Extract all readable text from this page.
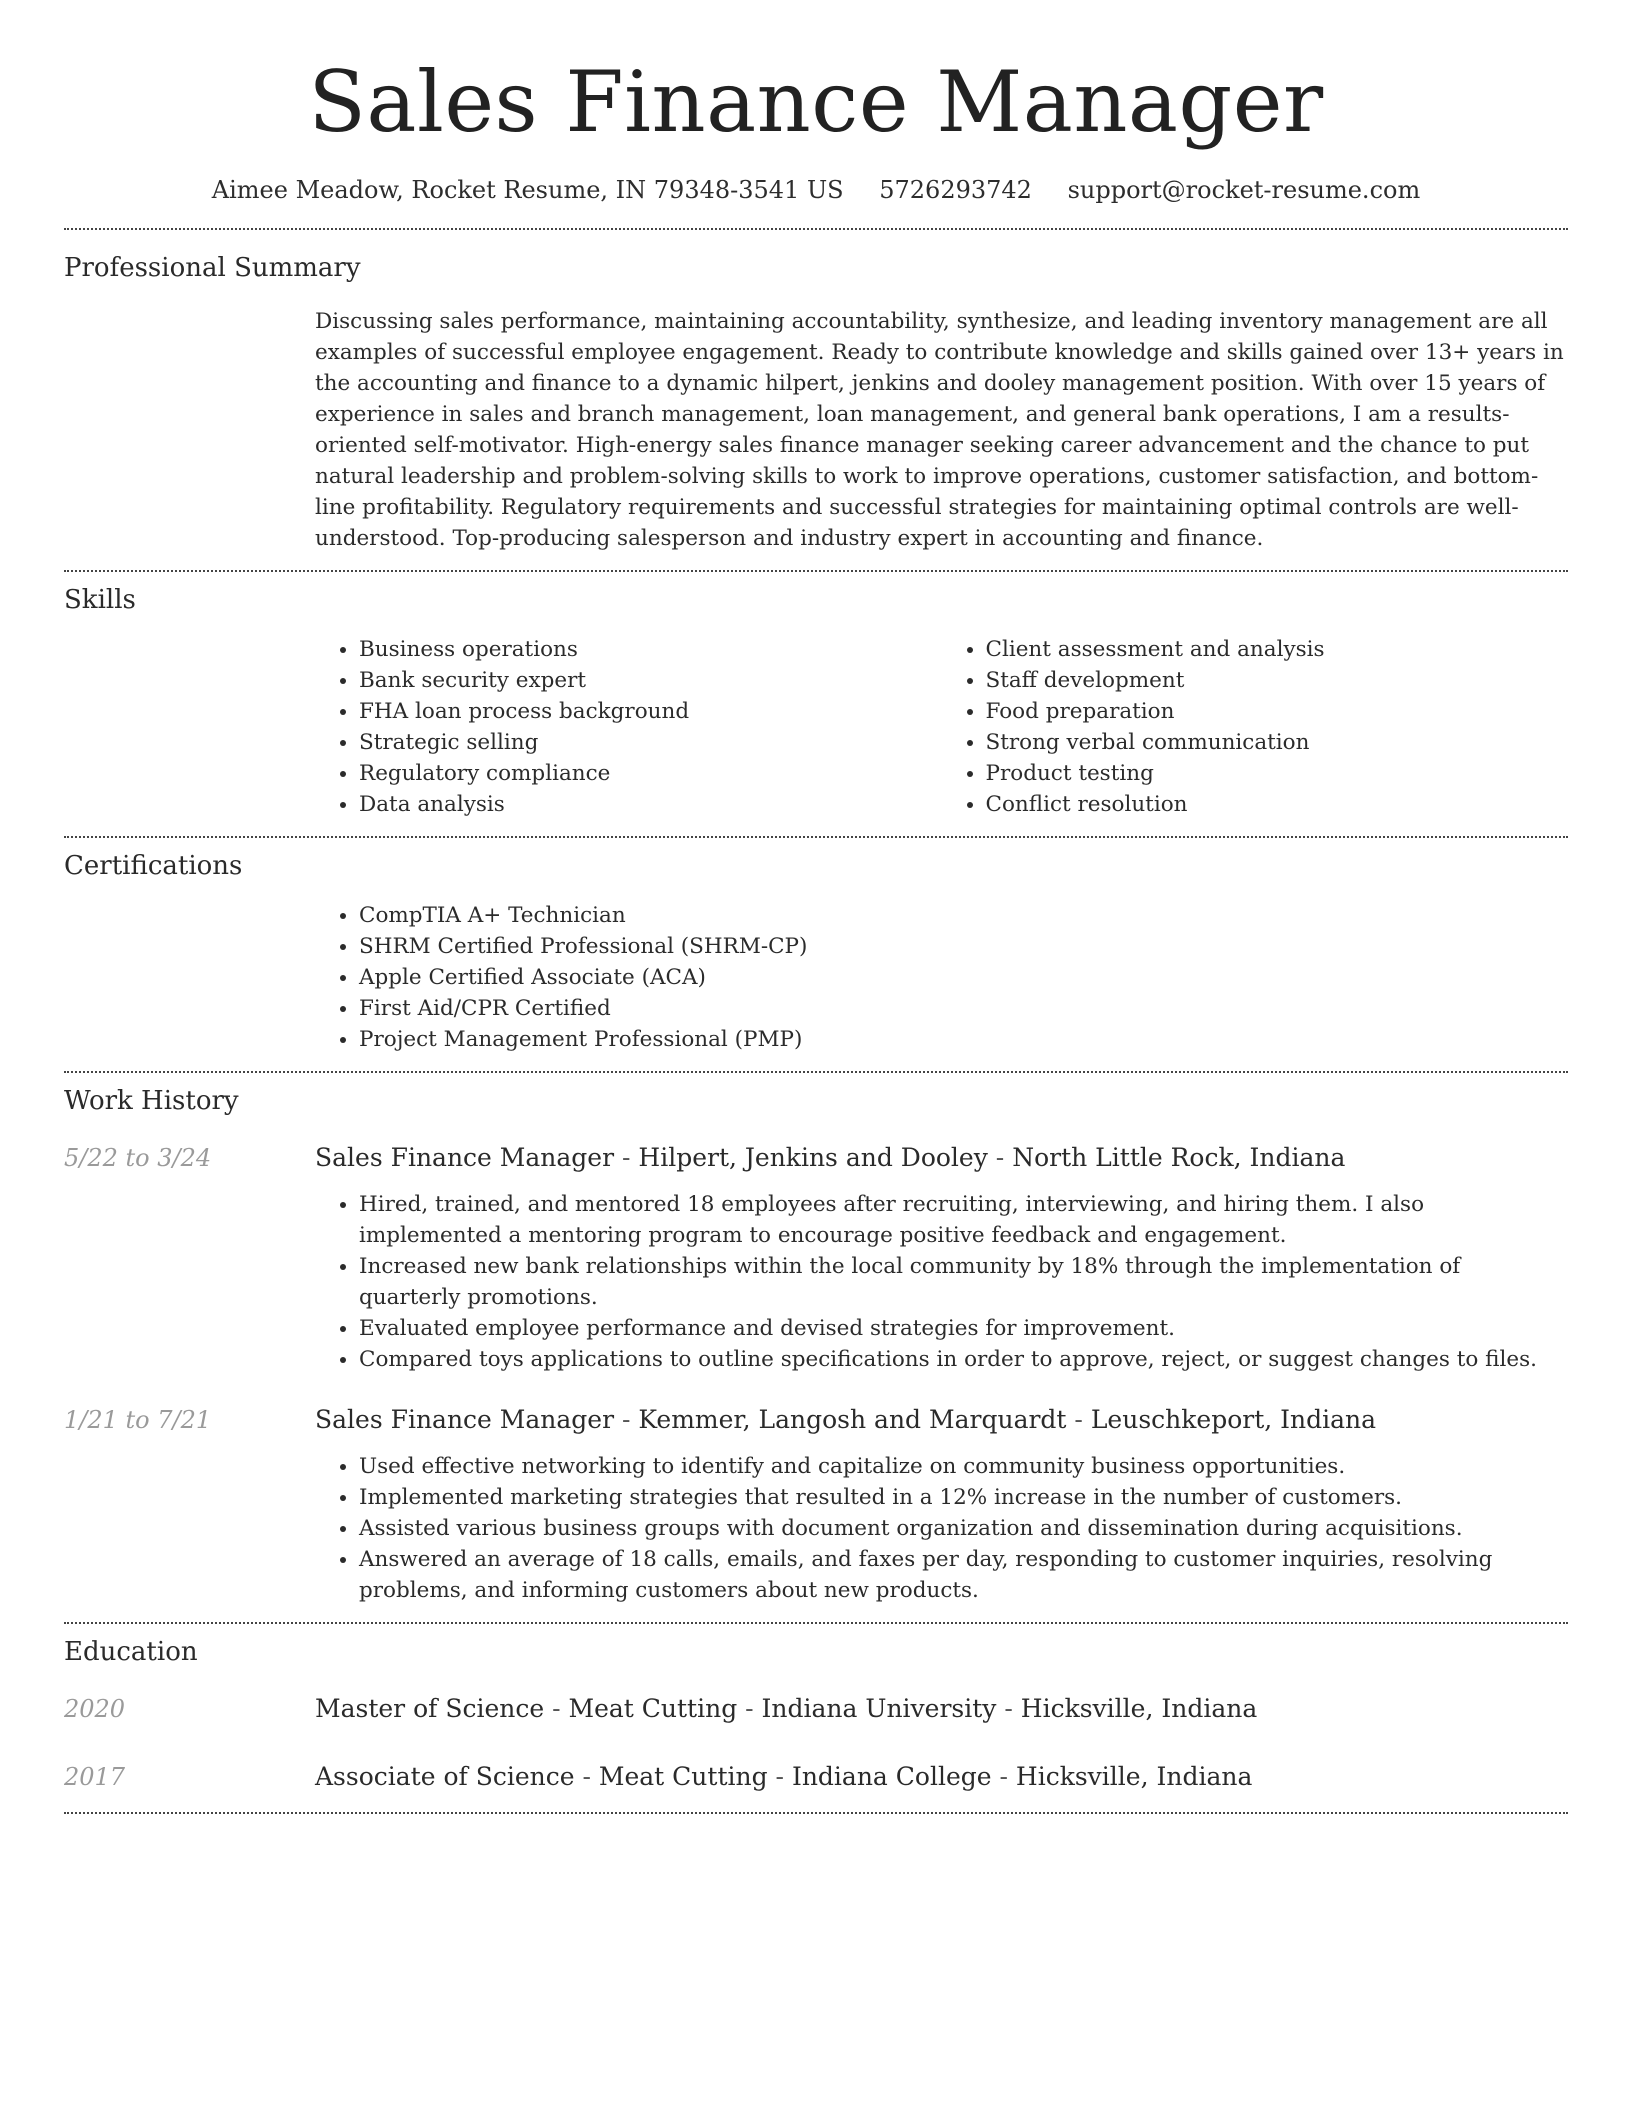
Sales Finance Manager
Aimee Meadow, Rocket Resume, IN 79348-3541 US 5726293742 support@rocket-resume.com
Professional Summary
Discussing sales performance, maintaining accountability, synthesize, and leading inventory management are all examples of successful employee engagement. Ready to contribute knowledge and skills gained over 13+ years in the accounting and finance to a dynamic hilpert, jenkins and dooley management position. With over 15 years of experience in sales and branch management, loan management, and general bank operations, I am a results-oriented self-motivator. High-energy sales finance manager seeking career advancement and the chance to put natural leadership and problem-solving skills to work to improve operations, customer satisfaction, and bottom-line profitability. Regulatory requirements and successful strategies for maintaining optimal controls are well-understood. Top-producing salesperson and industry expert in accounting and finance.
Skills
• Business operations
• Bank security expert
• FHA loan process background
• Strategic selling
• Regulatory compliance
• Data analysis
• Client assessment and analysis
• Staff development
• Food preparation
• Strong verbal communication
• Product testing
• Conflict resolution
Certifications
• CompTIA A+ Technician
• SHRM Certified Professional (SHRM-CP)
• Apple Certified Associate (ACA)
• First Aid/CPR Certified
• Project Management Professional (PMP)
Work History
5/22 to 3/24	Sales Finance Manager - Hilpert, Jenkins and Dooley - North Little Rock, Indiana
• Hired, trained, and mentored 18 employees after recruiting, interviewing, and hiring them. I also implemented a mentoring program to encourage positive feedback and engagement.
• Increased new bank relationships within the local community by 18% through the implementation of quarterly promotions.
• Evaluated employee performance and devised strategies for improvement.
• Compared toys applications to outline specifications in order to approve, reject, or suggest changes to files.
1/21 to 7/21	Sales Finance Manager - Kemmer, Langosh and Marquardt - Leuschkeport, Indiana
• Used effective networking to identify and capitalize on community business opportunities.
• Implemented marketing strategies that resulted in a 12% increase in the number of customers.
• Assisted various business groups with document organization and dissemination during acquisitions.
• Answered an average of 18 calls, emails, and faxes per day, responding to customer inquiries, resolving problems, and informing customers about new products.
Education
2020	Master of Science - Meat Cutting - Indiana University - Hicksville, Indiana
2017	Associate of Science - Meat Cutting - Indiana College - Hicksville, Indiana
